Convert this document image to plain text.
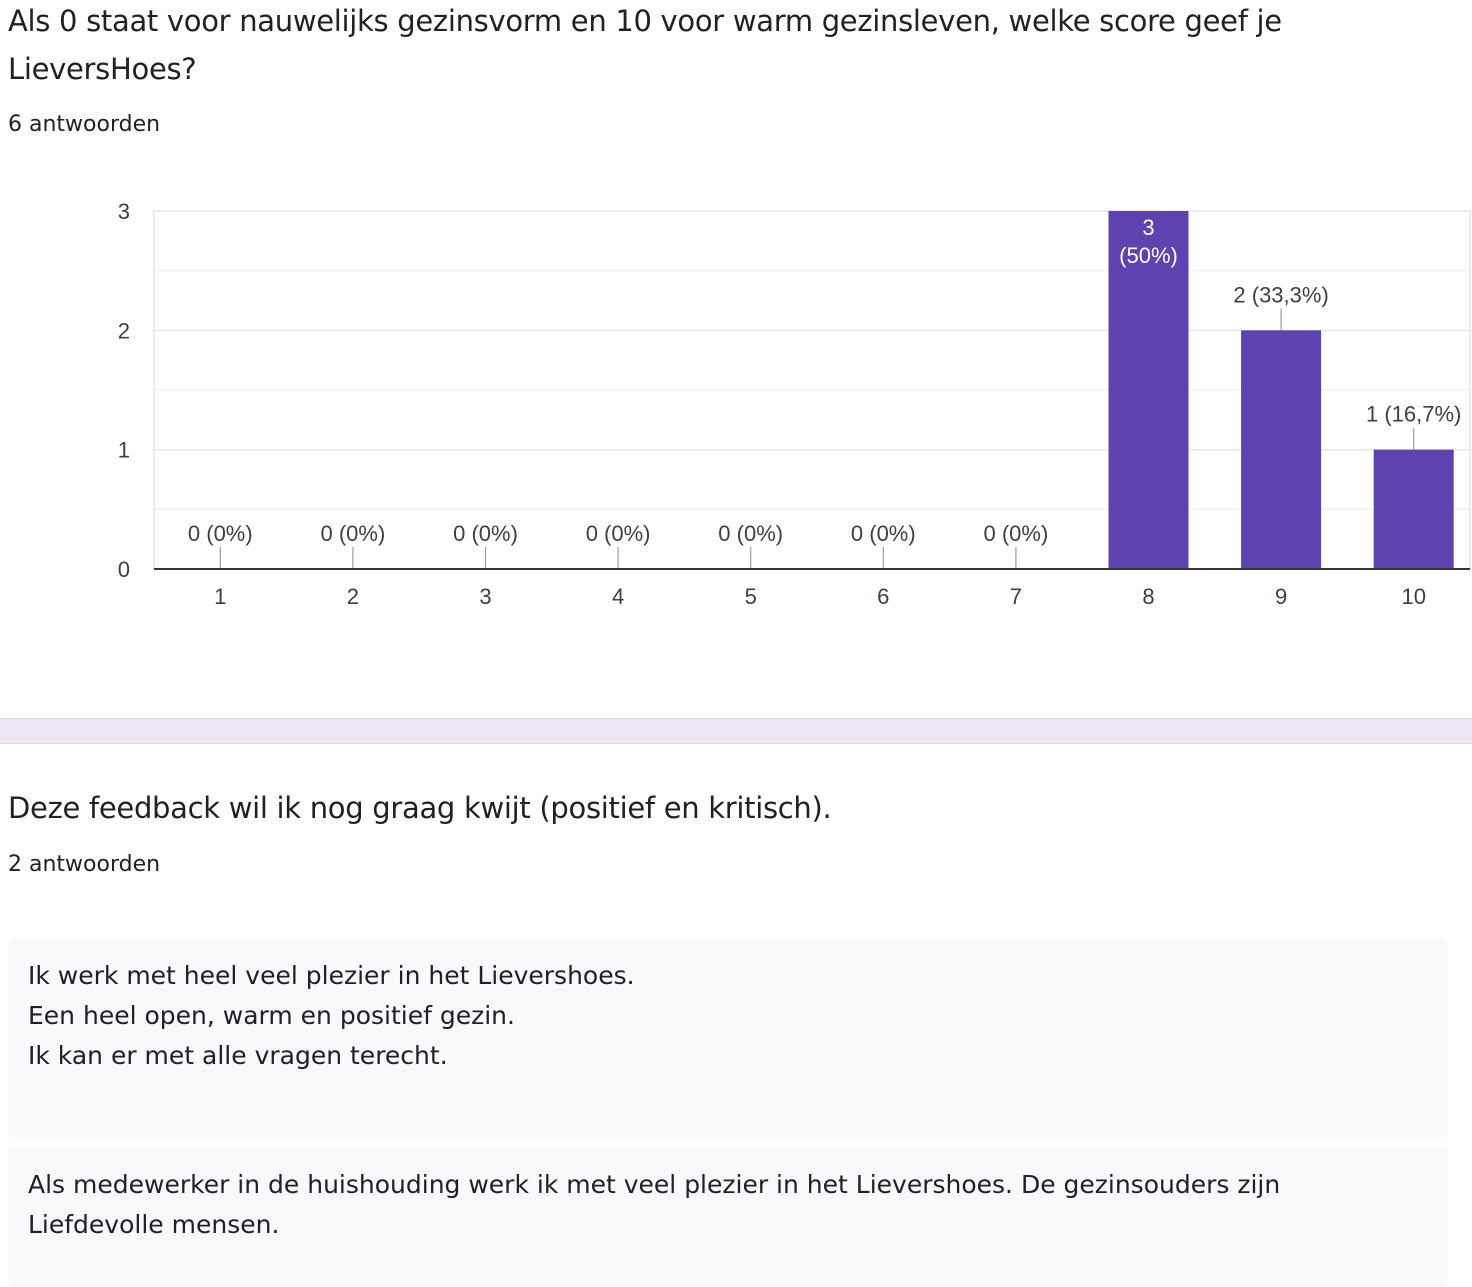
Als 0 staat voor nauwelijks gezinsvorm en 10 voor warm gezinsleven, welke score geef je
LieversHoes?
6 antwoorden
0
1
2
3
1
0 (0%)
2
0 (0%)
3
0 (0%)
4
0 (0%)
5
0 (0%)
6
0 (0%)
7
0 (0%)
8
3
(50%)
9
2 (33,3%)
10
1 (16,7%)
Deze feedback wil ik nog graag kwijt (positief en kritisch).
2 antwoorden
Ik werk met heel veel plezier in het Lievershoes.
Een heel open, warm en positief gezin.
Ik kan er met alle vragen terecht.
Als medewerker in de huishouding werk ik met veel plezier in het Lievershoes. De gezinsouders zijn
Liefdevolle mensen.
